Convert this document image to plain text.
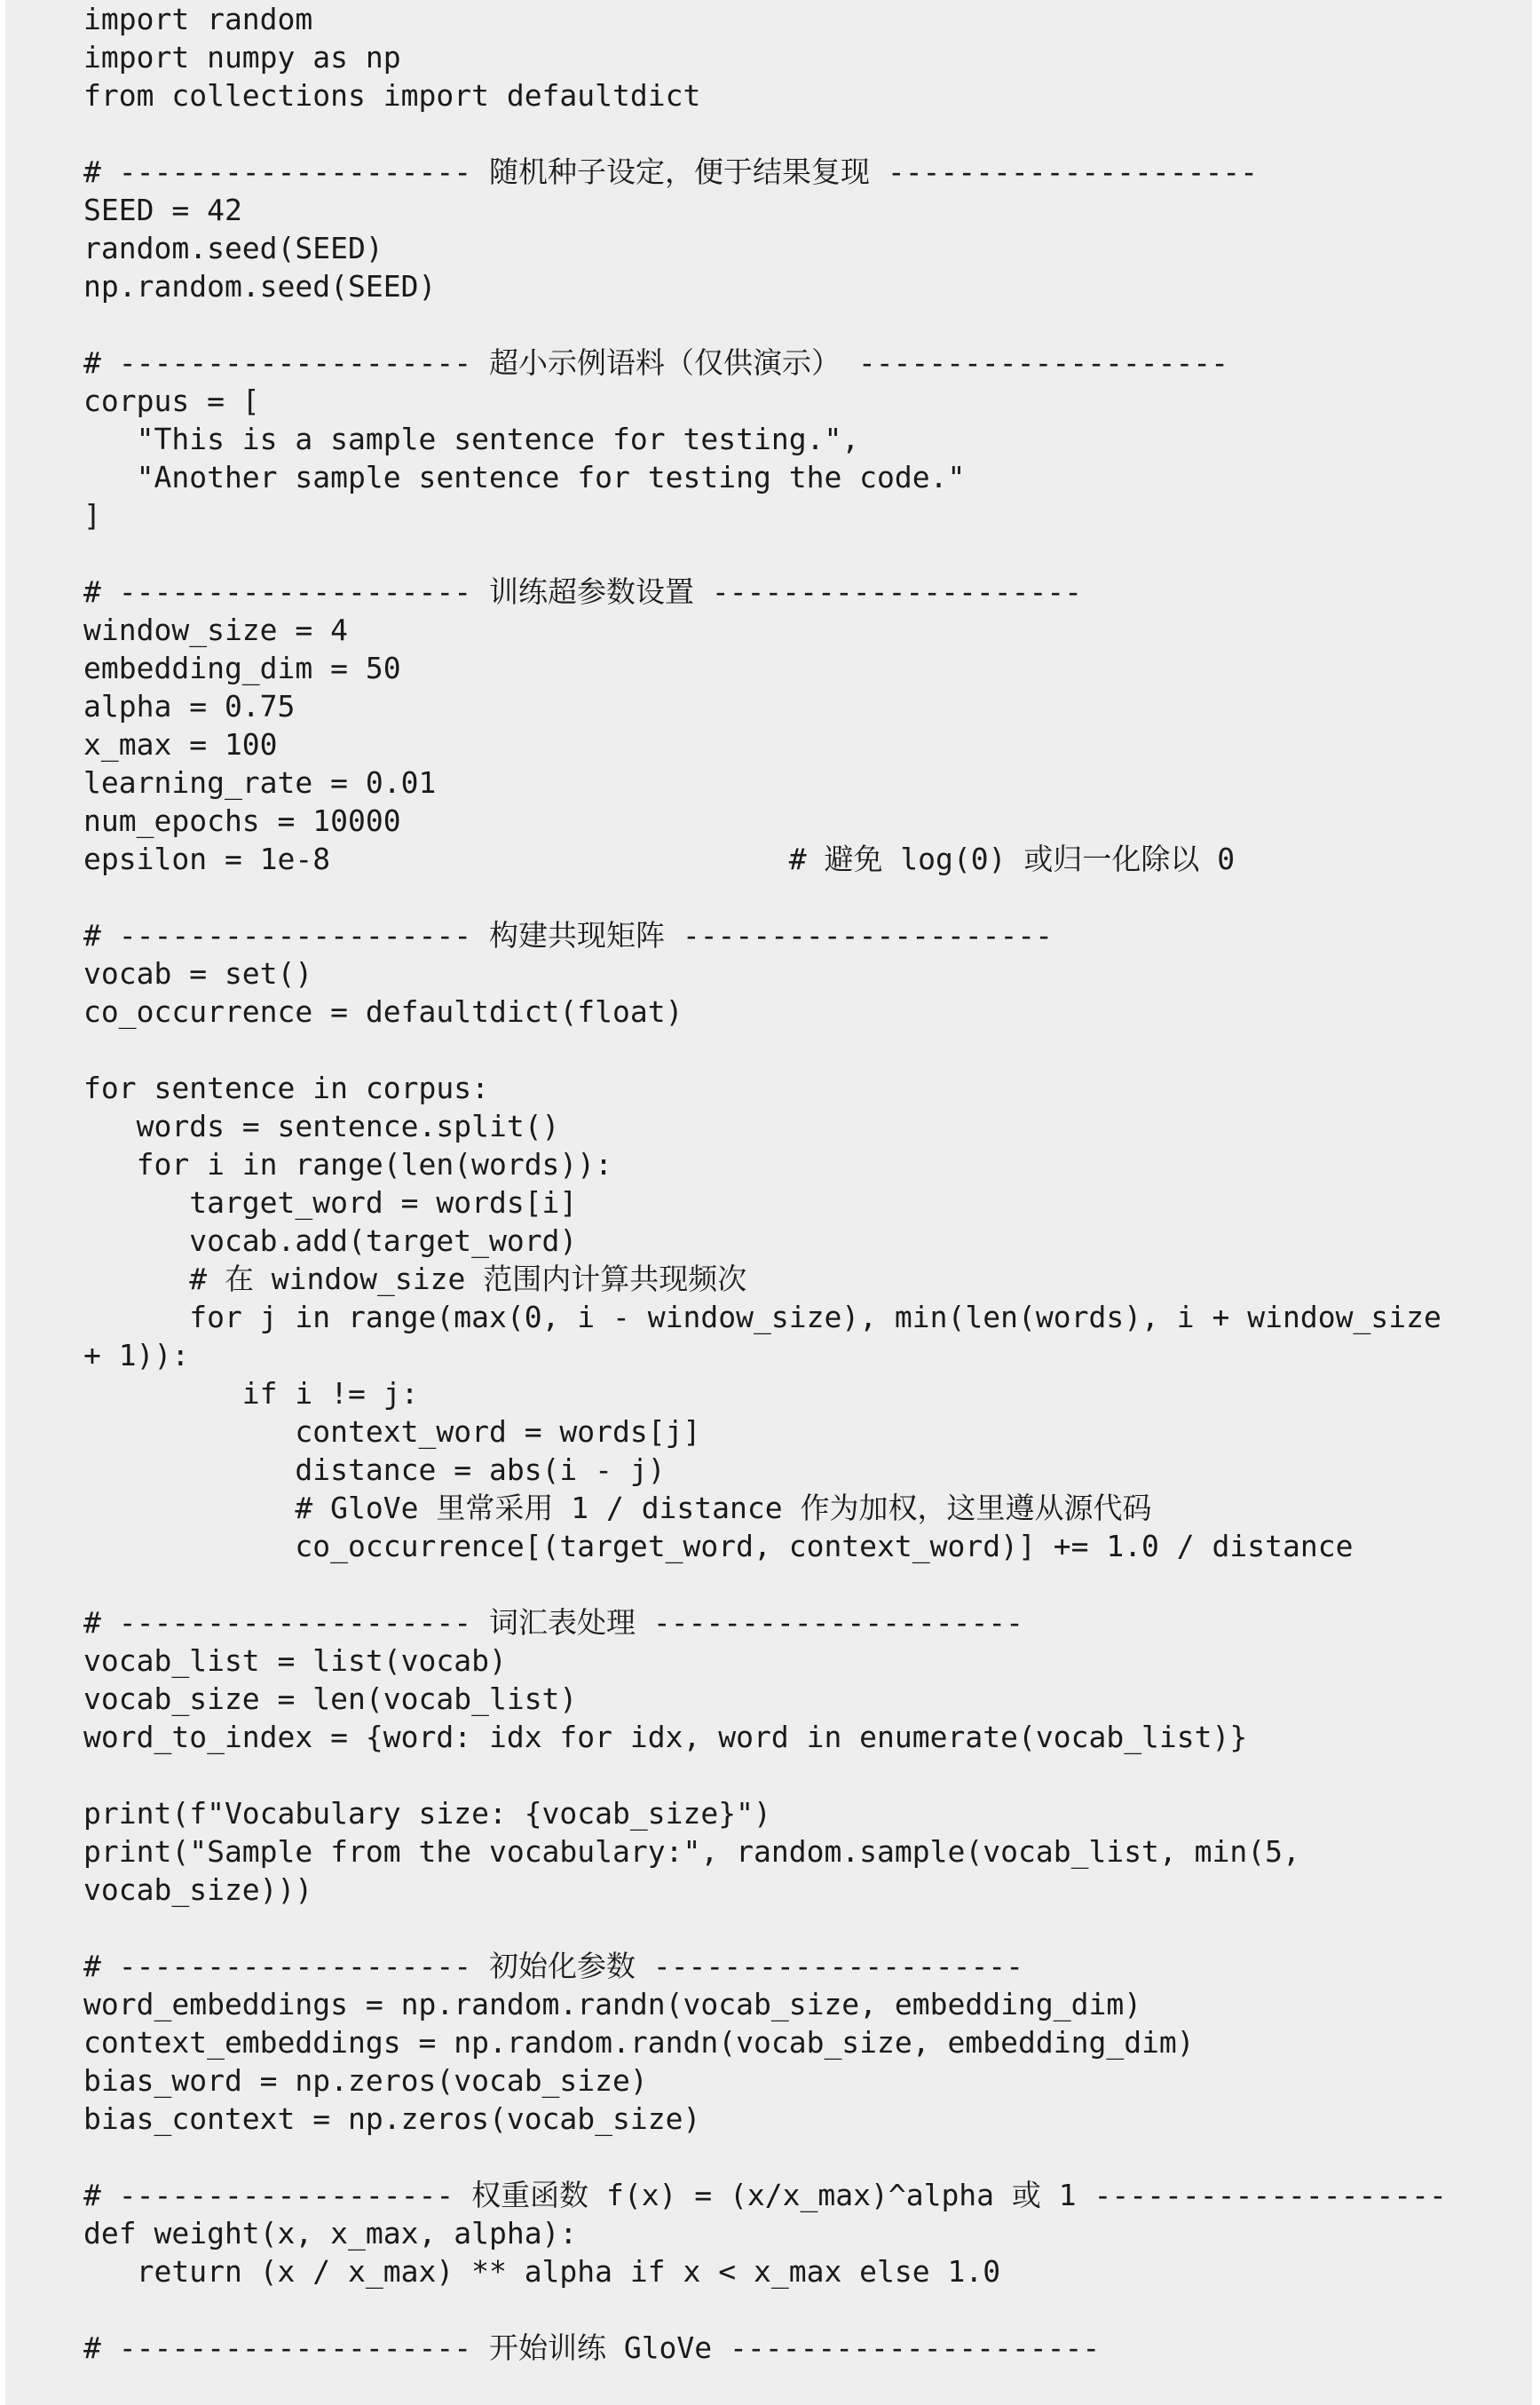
import random
import numpy as np
from collections import defaultdict
# -------------------- 随机种子设定，便于结果复现 ---------------------
SEED = 42
random.seed(SEED)
np.random.seed(SEED)
# -------------------- 超小示例语料（仅供演示） ---------------------
corpus = [
"This is a sample sentence for testing.",
"Another sample sentence for testing the code."
]
# -------------------- 训练超参数设置 ---------------------
window_size = 4
embedding_dim = 50
alpha = 0.75
x_max = 100
learning_rate = 0.01
num_epochs = 10000
epsilon = 1e-8                          # 避免 log(0) 或归一化除以 0
# -------------------- 构建共现矩阵 ---------------------
vocab = set()
co_occurrence = defaultdict(float)
for sentence in corpus:
words = sentence.split()
for i in range(len(words)):
target_word = words[i]
vocab.add(target_word)
# 在 window_size 范围内计算共现频次
for j in range(max(0, i - window_size), min(len(words), i + window_size
+ 1)):
if i != j:
context_word = words[j]
distance = abs(i - j)
# GloVe 里常采用 1 / distance 作为加权，这里遵从源代码
co_occurrence[(target_word, context_word)] += 1.0 / distance
# -------------------- 词汇表处理 ---------------------
vocab_list = list(vocab)
vocab_size = len(vocab_list)
word_to_index = {word: idx for idx, word in enumerate(vocab_list)}
print(f"Vocabulary size: {vocab_size}")
print("Sample from the vocabulary:", random.sample(vocab_list, min(5,
vocab_size)))
# -------------------- 初始化参数 ---------------------
word_embeddings = np.random.randn(vocab_size, embedding_dim)
context_embeddings = np.random.randn(vocab_size, embedding_dim)
bias_word = np.zeros(vocab_size)
bias_context = np.zeros(vocab_size)
# ------------------- 权重函数 f(x) = (x/x_max)^alpha 或 1 --------------------
def weight(x, x_max, alpha):
return (x / x_max) ** alpha if x < x_max else 1.0
# -------------------- 开始训练 GloVe ---------------------
